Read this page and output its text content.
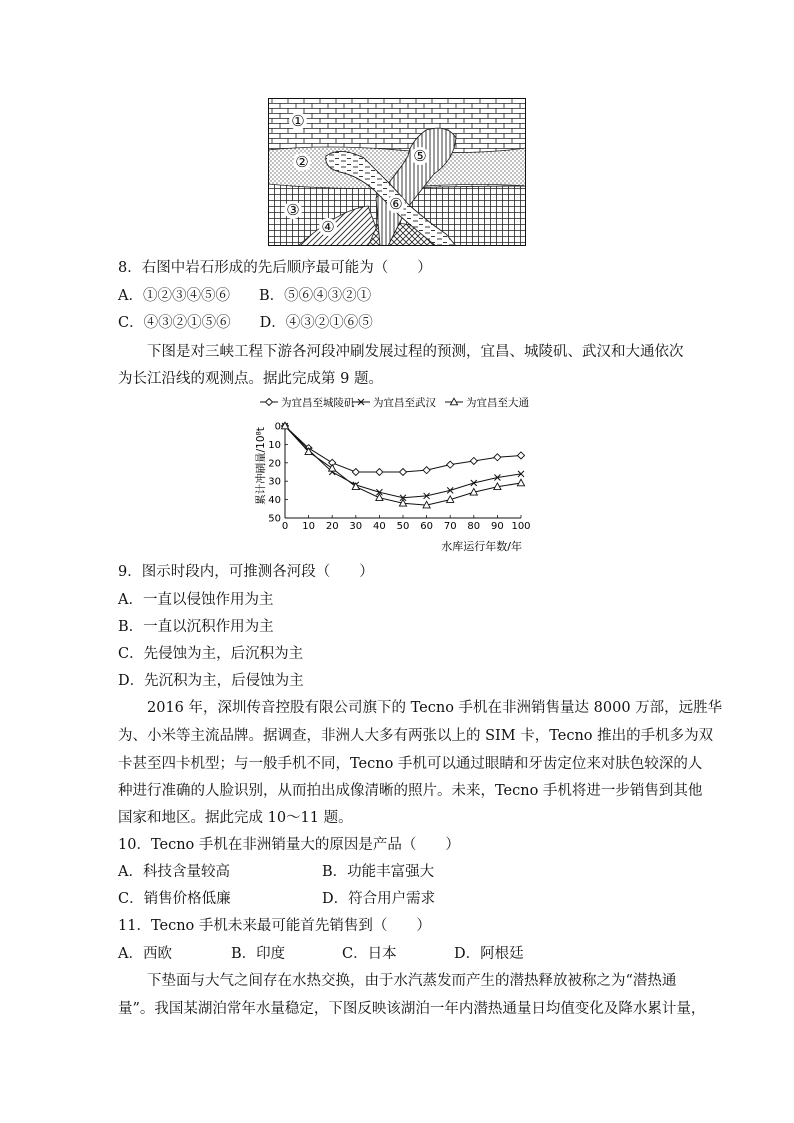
①
②
③
④
⑤
⑥
8．右图中岩石形成的先后顺序最可能为（　　）
A．①②③④⑤⑥　　B．⑤⑥④③②①
C．④③②①⑤⑥　　D．④③②①⑥⑤
下图是对三峡工程下游各河段冲刷发展过程的预测，宜昌、城陵矶、武汉和大通依次
为长江沿线的观测点。据此完成第 9 题。
为宜昌至城陵矶 为宜昌至武汉	为宜昌至大通
累计冲刷量/10⁸t
0
10
20
30
40
50
0 10 20 30 40 50 60 70 80 90 100
水库运行年数/年
9．图示时段内，可推测各河段（　　）
A．一直以侵蚀作用为主
B．一直以沉积作用为主
C．先侵蚀为主，后沉积为主
D．先沉积为主，后侵蚀为主
2016 年，深圳传音控股有限公司旗下的 Tecno 手机在非洲销售量达 8000 万部，远胜华
为、小米等主流品牌。据调查，非洲人大多有两张以上的 SIM 卡，Tecno 推出的手机多为双
卡甚至四卡机型；与一般手机不同，Tecno 手机可以通过眼睛和牙齿定位来对肤色较深的人
种进行准确的人脸识别，从而拍出成像清晰的照片。未来，Tecno 手机将进一步销售到其他
国家和地区。据此完成 10～11 题。
10．Tecno 手机在非洲销量大的原因是产品（　　）
A．科技含量较高	B．功能丰富强大
C．销售价格低廉	D．符合用户需求
11．Tecno 手机未来最可能首先销售到（　　）
A．西欧	B．印度	C．日本	D．阿根廷
下垫面与大气之间存在水热交换，由于水汽蒸发而产生的潜热释放被称之为“潜热通
量”。我国某湖泊常年水量稳定，下图反映该湖泊一年内潜热通量日均值变化及降水累计量，
